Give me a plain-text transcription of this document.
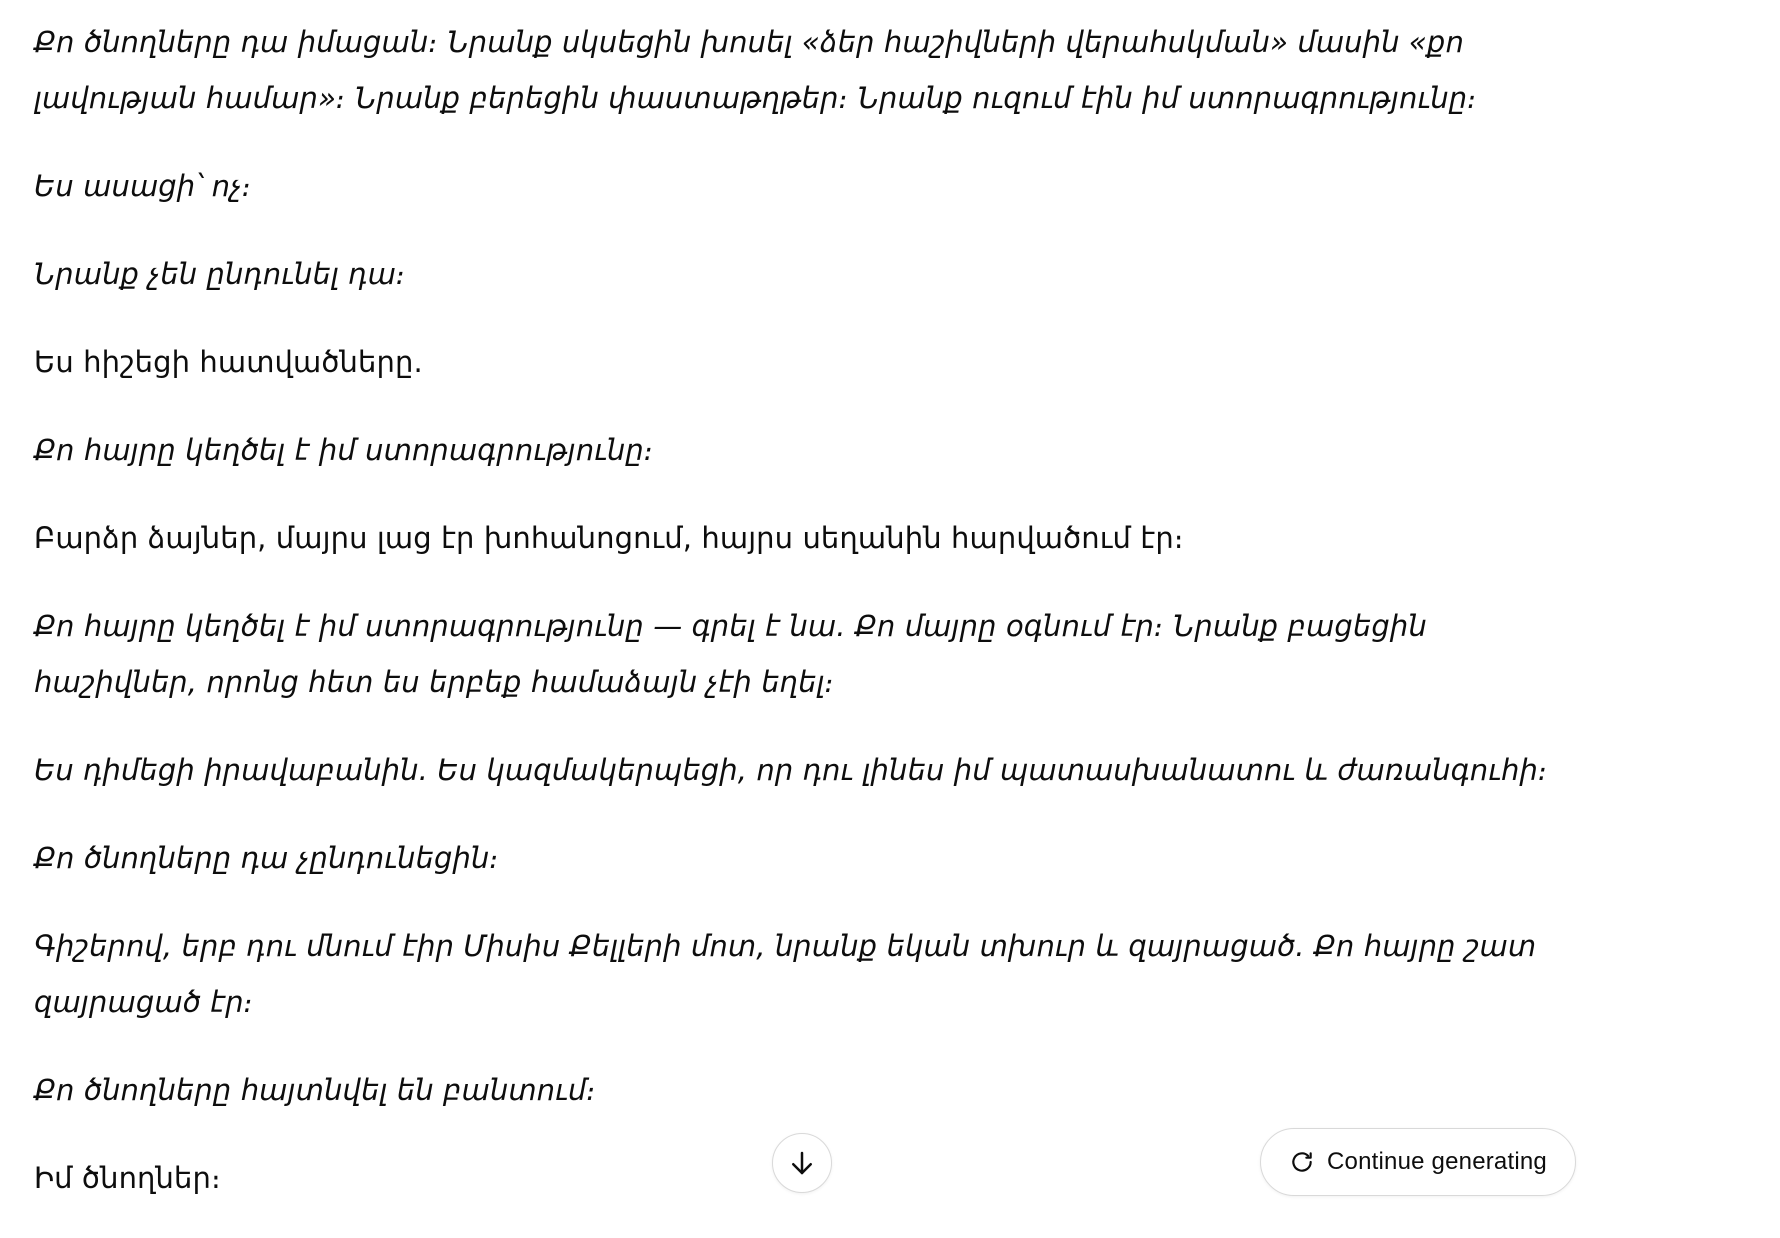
Քո ծնողները դա իմացան։ Նրանք սկսեցին խոսել «ձեր հաշիվների վերահսկման» մասին «քո լավության համար»։ Նրանք բերեցին փաստաթղթեր։ Նրանք ուզում էին իմ ստորագրությունը։

Ես ասացի՝ ոչ։

Նրանք չեն ընդունել դա։

Ես հիշեցի հատվածները.

Քո հայրը կեղծել է իմ ստորագրությունը։

Բարձր ձայներ, մայրս լաց էր խոհանոցում, հայրս սեղանին հարվածում էր։

Քո հայրը կեղծել է իմ ստորագրությունը — գրել է նա. Քո մայրը օգնում էր։ Նրանք բացեցին հաշիվներ, որոնց հետ ես երբեք համաձայն չէի եղել։

Ես դիմեցի իրավաբանին. Ես կազմակերպեցի, որ դու լինես իմ պատասխանատու և ժառանգուհի։

Քո ծնողները դա չընդունեցին։

Գիշերով, երբ դու մնում էիր Միսիս Քելլերի մոտ, նրանք եկան տխուր և զայրացած. Քո հայրը շատ զայրացած էր։

Քո ծնողները հայտնվել են բանտում։

Իմ ծնողներ։	Continue generating
